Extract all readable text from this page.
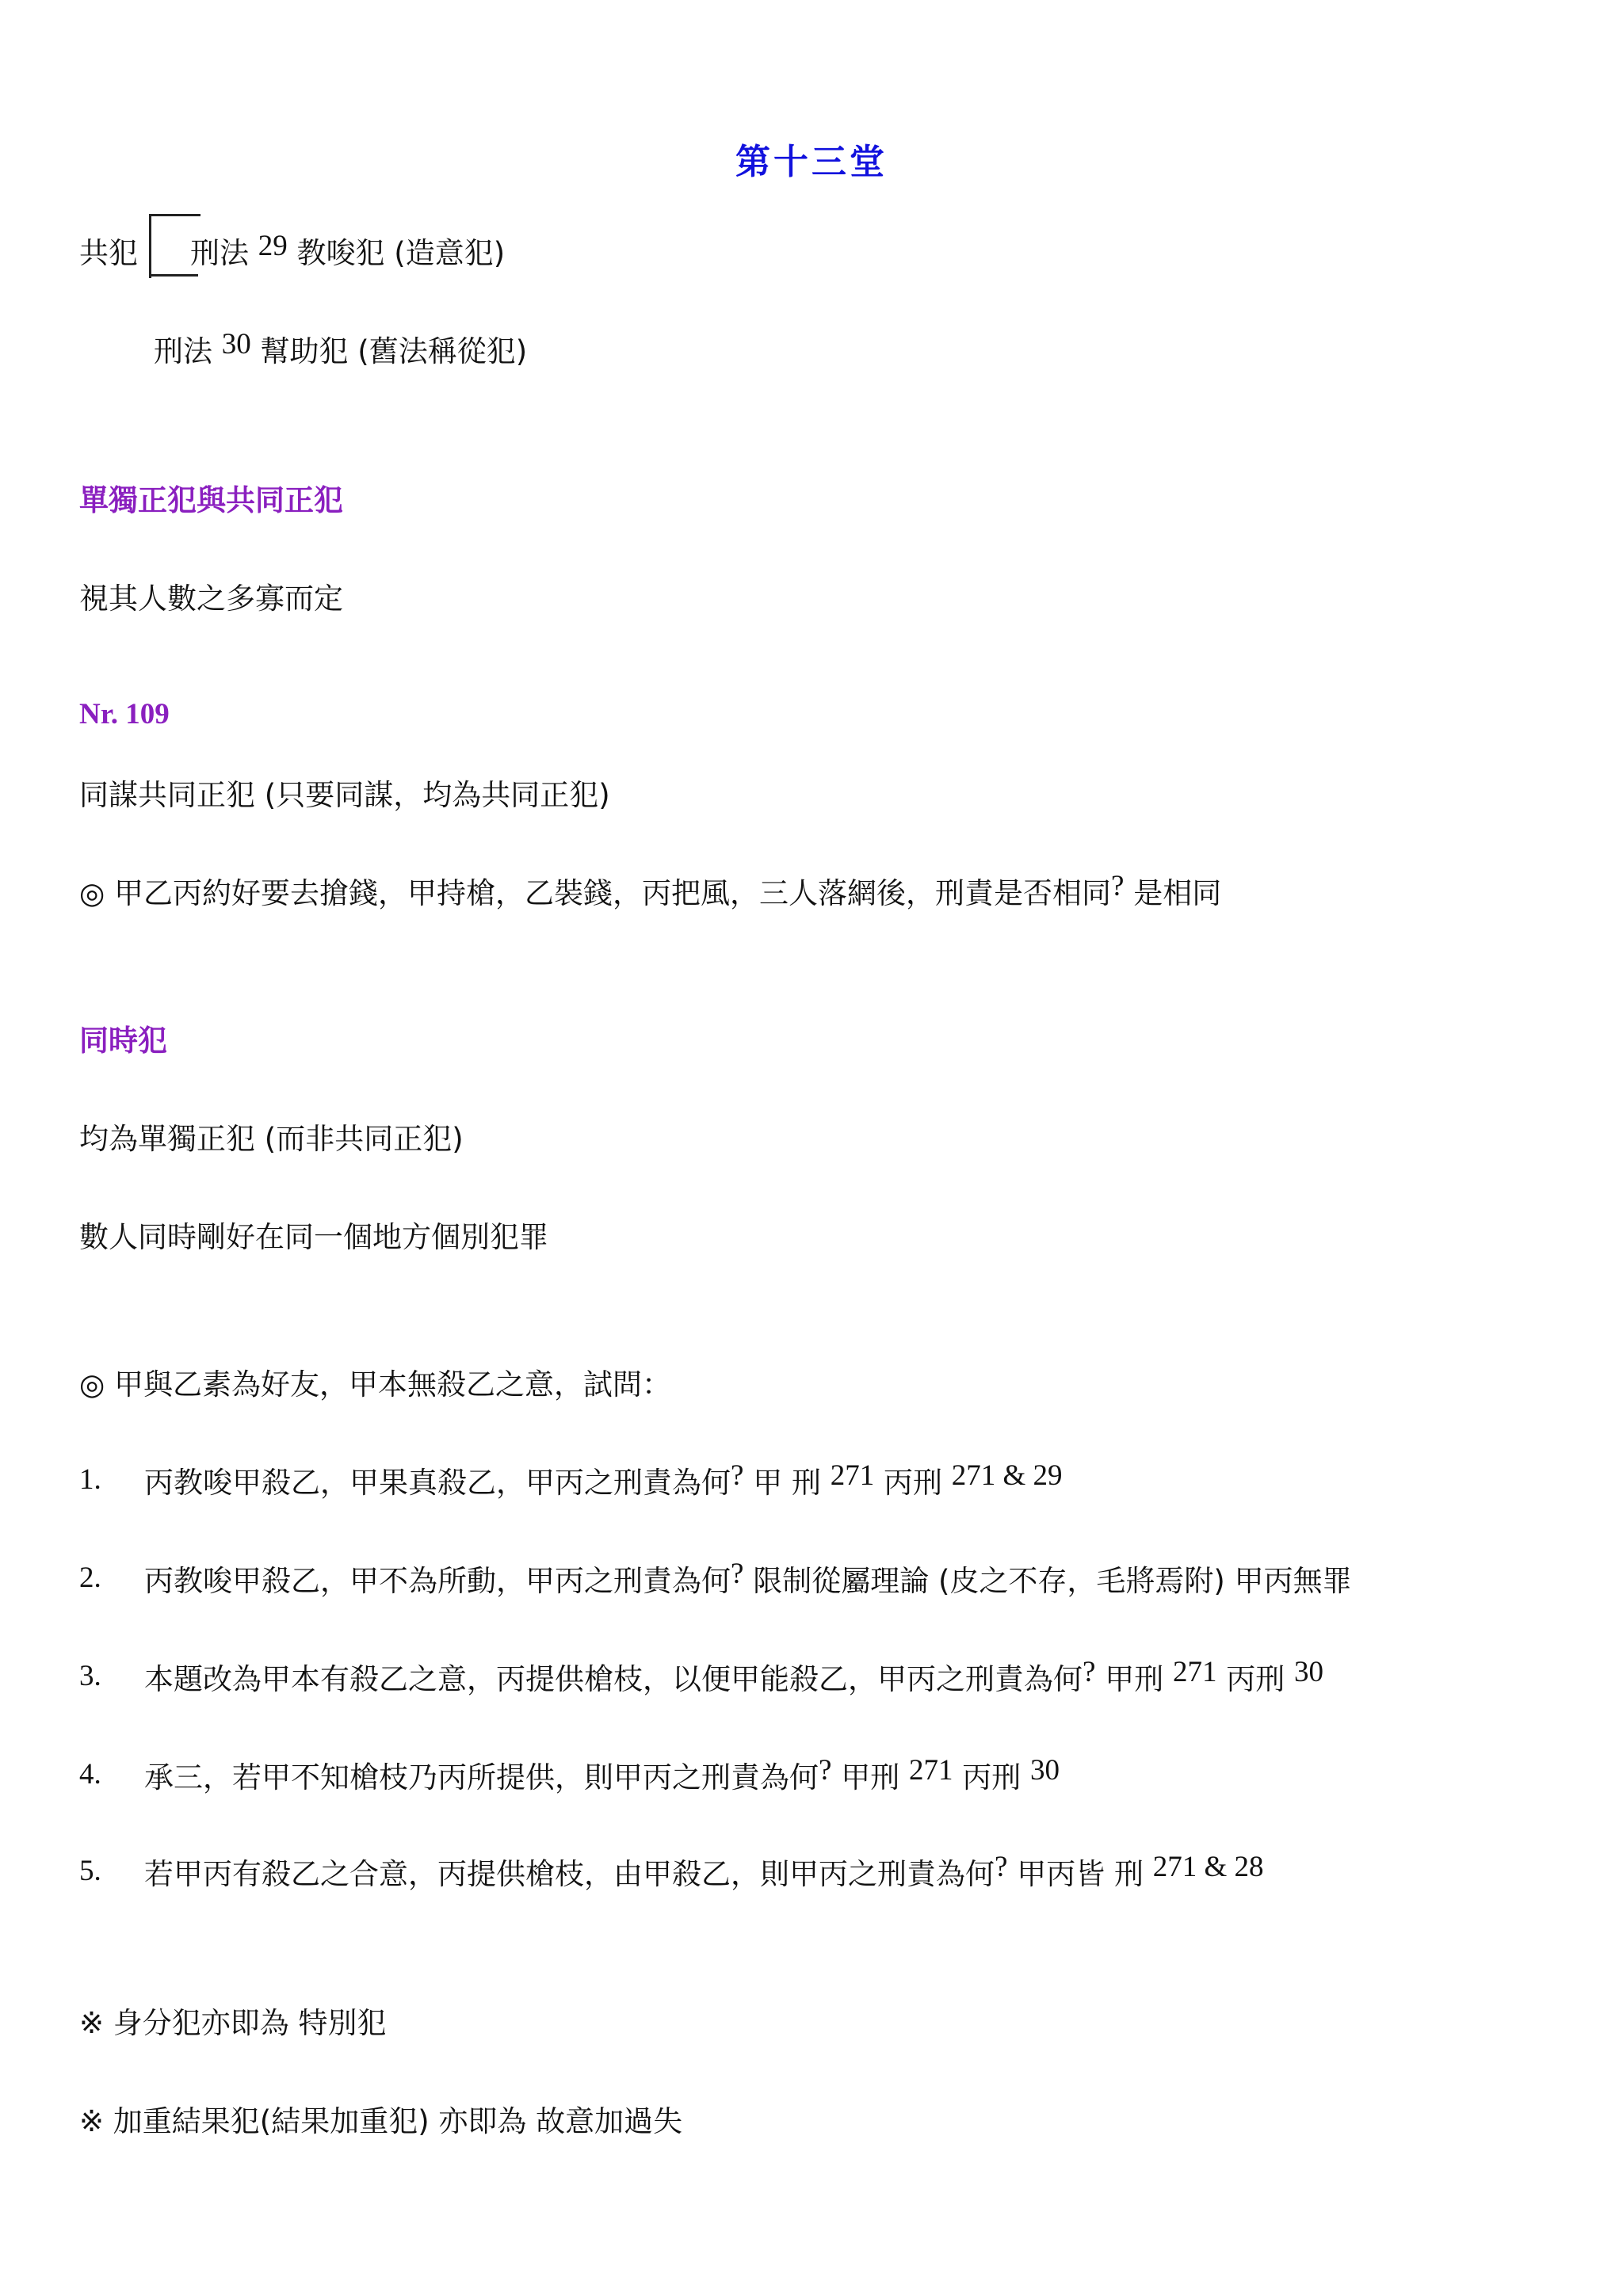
第十三堂
共犯 刑法 29 教唆犯 (造意犯)
刑法 30 幫助犯 (舊法稱從犯)
單獨正犯與共同正犯
視其人數之多寡而定
Nr. 109
同謀共同正犯 (只要同謀，均為共同正犯)
◎ 甲乙丙約好要去搶錢，甲持槍，乙裝錢，丙把風，三人落網後，刑責是否相同? 是相同
同時犯
均為單獨正犯 (而非共同正犯)
數人同時剛好在同一個地方個別犯罪
◎ 甲與乙素為好友，甲本無殺乙之意，試問：
1. 丙教唆甲殺乙，甲果真殺乙，甲丙之刑責為何? 甲 刑 271 丙刑 271 & 29
2. 丙教唆甲殺乙，甲不為所動，甲丙之刑責為何? 限制從屬理論 (皮之不存，毛將焉附) 甲丙無罪
3. 本題改為甲本有殺乙之意，丙提供槍枝，以便甲能殺乙，甲丙之刑責為何? 甲刑 271 丙刑 30
4. 承三，若甲不知槍枝乃丙所提供，則甲丙之刑責為何? 甲刑 271 丙刑 30
5. 若甲丙有殺乙之合意，丙提供槍枝，由甲殺乙，則甲丙之刑責為何? 甲丙皆 刑 271 & 28
※ 身分犯亦即為 特別犯
※ 加重結果犯(結果加重犯) 亦即為 故意加過失
